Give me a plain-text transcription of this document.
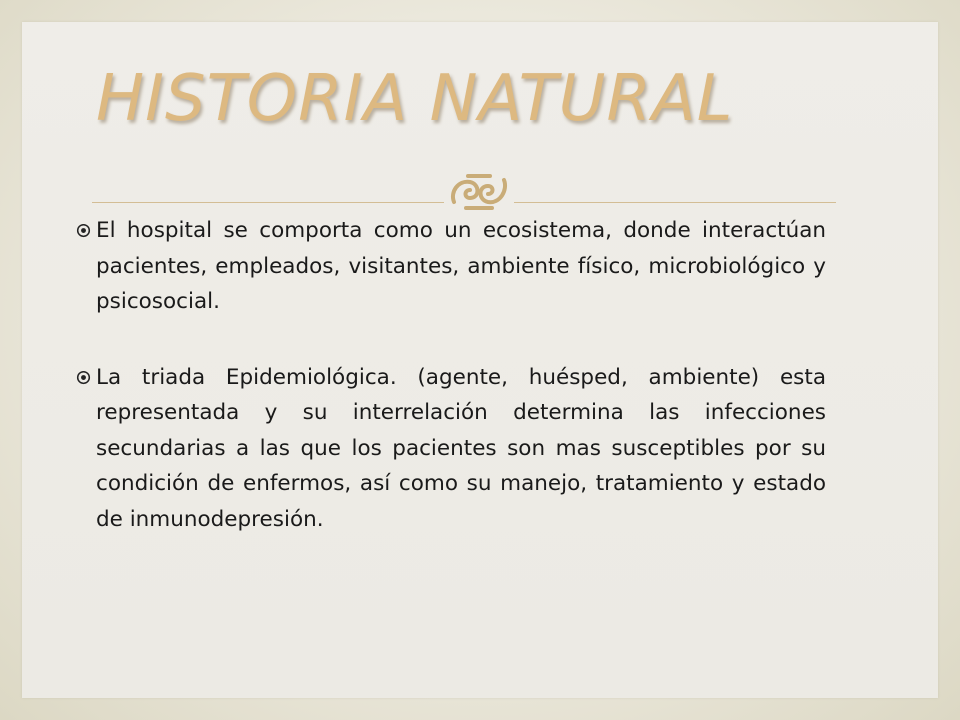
HISTORIA NATURAL
El hospital se comporta como un ecosistema, donde interactúan pacientes, empleados, visitantes, ambiente físico, microbiológico y psicosocial.
La triada Epidemiológica. (agente, huésped, ambiente) esta representada y su interrelación determina las infecciones secundarias a las que los pacientes son mas susceptibles por su condición de enfermos, así como su manejo, tratamiento y estado de inmunodepresión.
